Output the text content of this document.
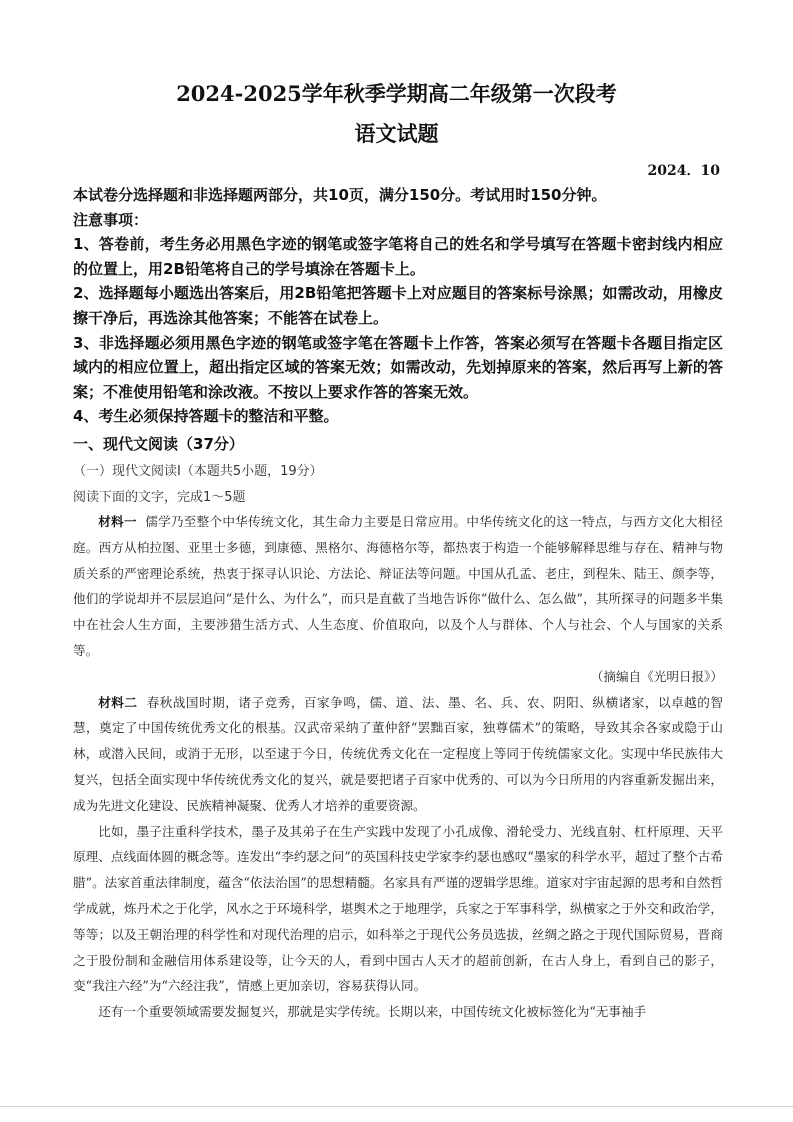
2024-2025学年秋季学期高二年级第一次段考
语文试题
2024．10

本试卷分选择题和非选择题两部分，共10页，满分150分。考试用时150分钟。

注意事项：

1、答卷前，考生务必用黑色字迹的钢笔或签字笔将自己的姓名和学号填写在答题卡密封线内相应的位置上，用2B铅笔将自己的学号填涂在答题卡上。

2、选择题每小题选出答案后，用2B铅笔把答题卡上对应题目的答案标号涂黑；如需改动，用橡皮擦干净后，再选涂其他答案；不能答在试卷上。

3、非选择题必须用黑色字迹的钢笔或签字笔在答题卡上作答，答案必须写在答题卡各题目指定区域内的相应位置上，超出指定区域的答案无效；如需改动，先划掉原来的答案，然后再写上新的答案；不准使用铅笔和涂改液。不按以上要求作答的答案无效。

4、考生必须保持答题卡的整洁和平整。

一、现代文阅读（37分）
（一）现代文阅读Ⅰ（本题共5小题，19分）
阅读下面的文字，完成1～5题

材料一 儒学乃至整个中华传统文化，其生命力主要是日常应用。中华传统文化的这一特点，与西方文化大相径庭。西方从柏拉图、亚里士多德，到康德、黑格尔、海德格尔等，都热衷于构造一个能够解释思维与存在、精神与物质关系的严密理论系统，热衷于探寻认识论、方法论、辩证法等问题。中国从孔孟、老庄，到程朱、陆王、颜李等，他们的学说却并不层层追问“是什么、为什么”，而只是直截了当地告诉你“做什么、怎么做”，其所探寻的问题多半集中在社会人生方面，主要涉猎生活方式、人生态度、价值取向，以及个人与群体、个人与社会、个人与国家的关系等。

（摘编自《光明日报》）

材料二 春秋战国时期，诸子竞秀，百家争鸣，儒、道、法、墨、名、兵、农、阴阳、纵横诸家，以卓越的智慧，奠定了中国传统优秀文化的根基。汉武帝采纳了董仲舒“罢黜百家，独尊儒术”的策略，导致其余各家或隐于山林，或潜入民间，或消于无形，以至逮于今日，传统优秀文化在一定程度上等同于传统儒家文化。实现中华民族伟大复兴，包括全面实现中华传统优秀文化的复兴，就是要把诸子百家中优秀的、可以为今日所用的内容重新发掘出来，成为先进文化建设、民族精神凝聚、优秀人才培养的重要资源。

比如，墨子注重科学技术，墨子及其弟子在生产实践中发现了小孔成像、滑轮受力、光线直射、杠杆原理、天平原理、点线面体圆的概念等。连发出“李约瑟之问”的英国科技史学家李约瑟也感叹“墨家的科学水平，超过了整个古希腊”。法家首重法律制度，蕴含“依法治国”的思想精髓。名家具有严谨的逻辑学思维。道家对宇宙起源的思考和自然哲学成就，炼丹术之于化学，风水之于环境科学，堪舆术之于地理学，兵家之于军事科学，纵横家之于外交和政治学，等等；以及王朝治理的科学性和对现代治理的启示，如科举之于现代公务员选拔，丝绸之路之于现代国际贸易，晋商之于股份制和金融信用体系建设等，让今天的人，看到中国古人天才的超前创新，在古人身上，看到自己的影子，变“我注六经”为“六经注我”，情感上更加亲切，容易获得认同。

还有一个重要领域需要发掘复兴，那就是实学传统。长期以来，中国传统文化被标签化为“无事袖手
